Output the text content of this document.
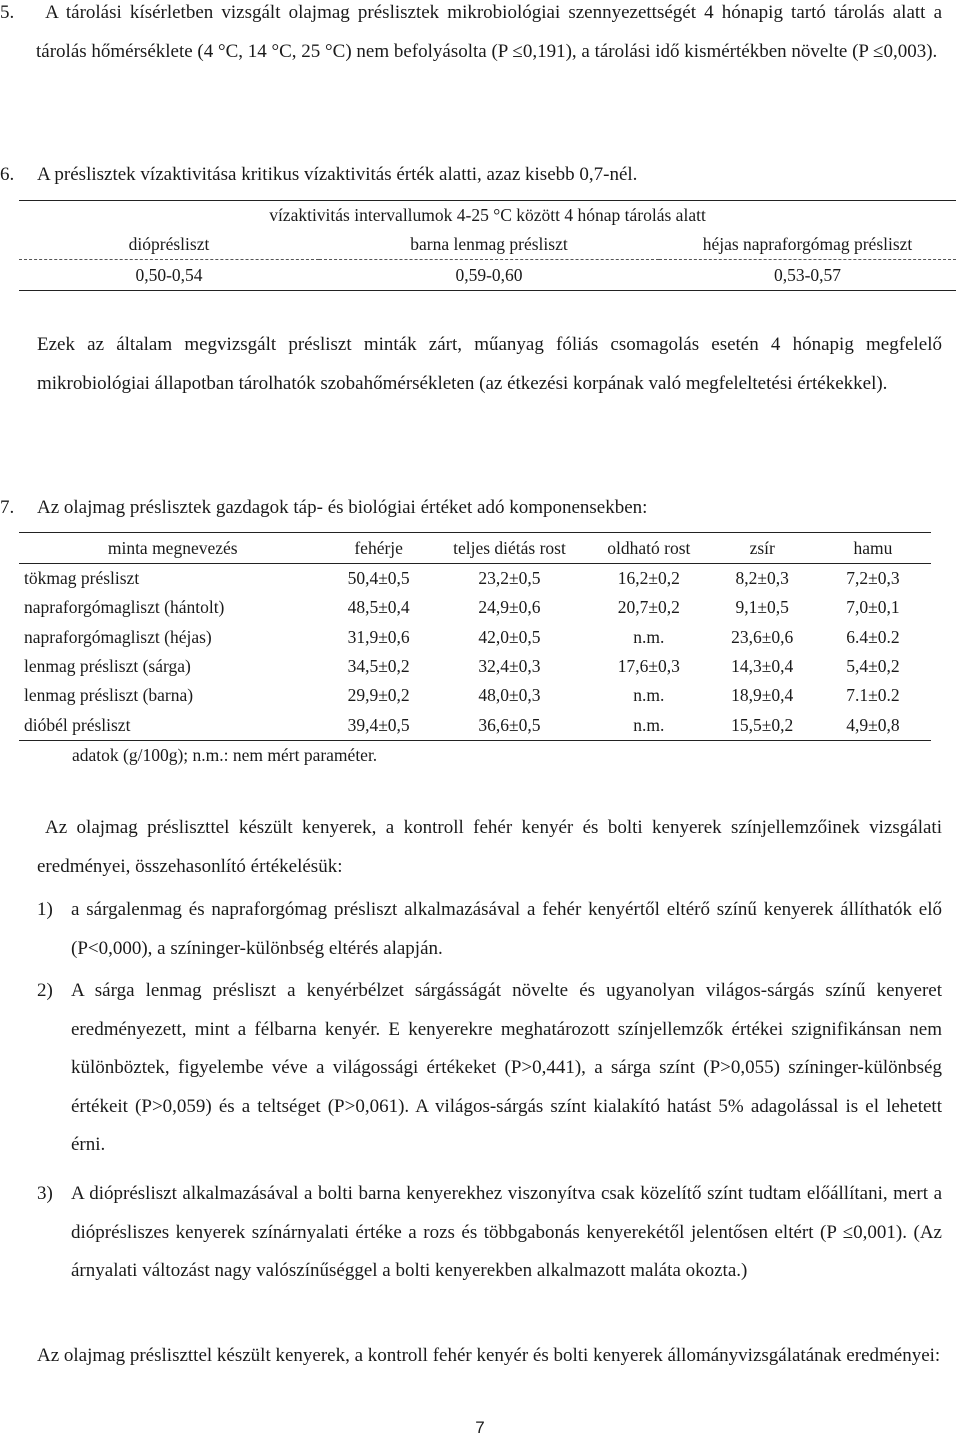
5. A tárolási kísérletben vizsgált olajmag préslisztek mikrobiológiai szennyezettségét 4 hónapig tartó tárolás alatt a tárolás hőmérséklete (4 °C, 14 °C, 25 °C) nem befolyásolta (P ≤0,191), a tárolási idő kismértékben növelte (P ≤0,003).

6. A préslisztek vízaktivitása kritikus vízaktivitás érték alatti, azaz kisebb 0,7-nél.

vízaktivitás intervallumok 4-25 °C között 4 hónap tárolás alatt		
dióprésliszt	barna lenmag présliszt	héjas napraforgómag présliszt
0,50-0,54	0,59-0,60	0,53-0,57

Ezek az általam megvizsgált présliszt minták zárt, műanyag fóliás csomagolás esetén 4 hónapig megfelelő mikrobiológiai állapotban tárolhatók szobahőmérsékleten (az étkezési korpának való megfeleltetési értékekkel).

7. Az olajmag préslisztek gazdagok táp- és biológiai értéket adó komponensekben:

minta megnevezés	fehérje	teljes diétás rost	oldható rost	zsír	hamu
tökmag présliszt	50,4±0,5	23,2±0,5	16,2±0,2	8,2±0,3	7,2±0,3
napraforgómagliszt (hántolt)	48,5±0,4	24,9±0,6	20,7±0,2	9,1±0,5	7,0±0,1
napraforgómagliszt (héjas)	31,9±0,6	42,0±0,5	n.m.	23,6±0,6	6.4±0.2
lenmag présliszt (sárga)	34,5±0,2	32,4±0,3	17,6±0,3	14,3±0,4	5,4±0,2
lenmag présliszt (barna)	29,9±0,2	48,0±0,3	n.m.	18,9±0,4	7.1±0.2
dióbél présliszt	39,4±0,5	36,6±0,5	n.m.	15,5±0,2	4,9±0,8
adatok (g/100g); n.m.: nem mért paraméter.

Az olajmag présliszttel készült kenyerek, a kontroll fehér kenyér és bolti kenyerek színjellemzőinek vizsgálati eredményei, összehasonlító értékelésük:

1) a sárgalenmag és napraforgómag présliszt alkalmazásával a fehér kenyértől eltérő színű kenyerek állíthatók elő (P<0,000), a színinger-különbség eltérés alapján.

2) A sárga lenmag présliszt a kenyérbélzet sárgásságát növelte és ugyanolyan világos-sárgás színű kenyeret eredményezett, mint a félbarna kenyér. E kenyerekre meghatározott színjellemzők értékei szignifikánsan nem különböztek, figyelembe véve a világossági értékeket (P>0,441), a sárga színt (P>0,055) színinger-különbség értékeit (P>0,059) és a teltséget (P>0,061). A világos-sárgás színt kialakító hatást 5% adagolással is el lehetett érni.

3) A dióprésliszt alkalmazásával a bolti barna kenyerekhez viszonyítva csak közelítő színt tudtam előállítani, mert a dióprésliszes kenyerek színárnyalati értéke a rozs és többgabonás kenyerekétől jelentősen eltért (P ≤0,001). (Az árnyalati változást nagy valószínűséggel a bolti kenyerekben alkalmazott maláta okozta.)

Az olajmag présliszttel készült kenyerek, a kontroll fehér kenyér és bolti kenyerek állományvizsgálatának eredményei:

7
